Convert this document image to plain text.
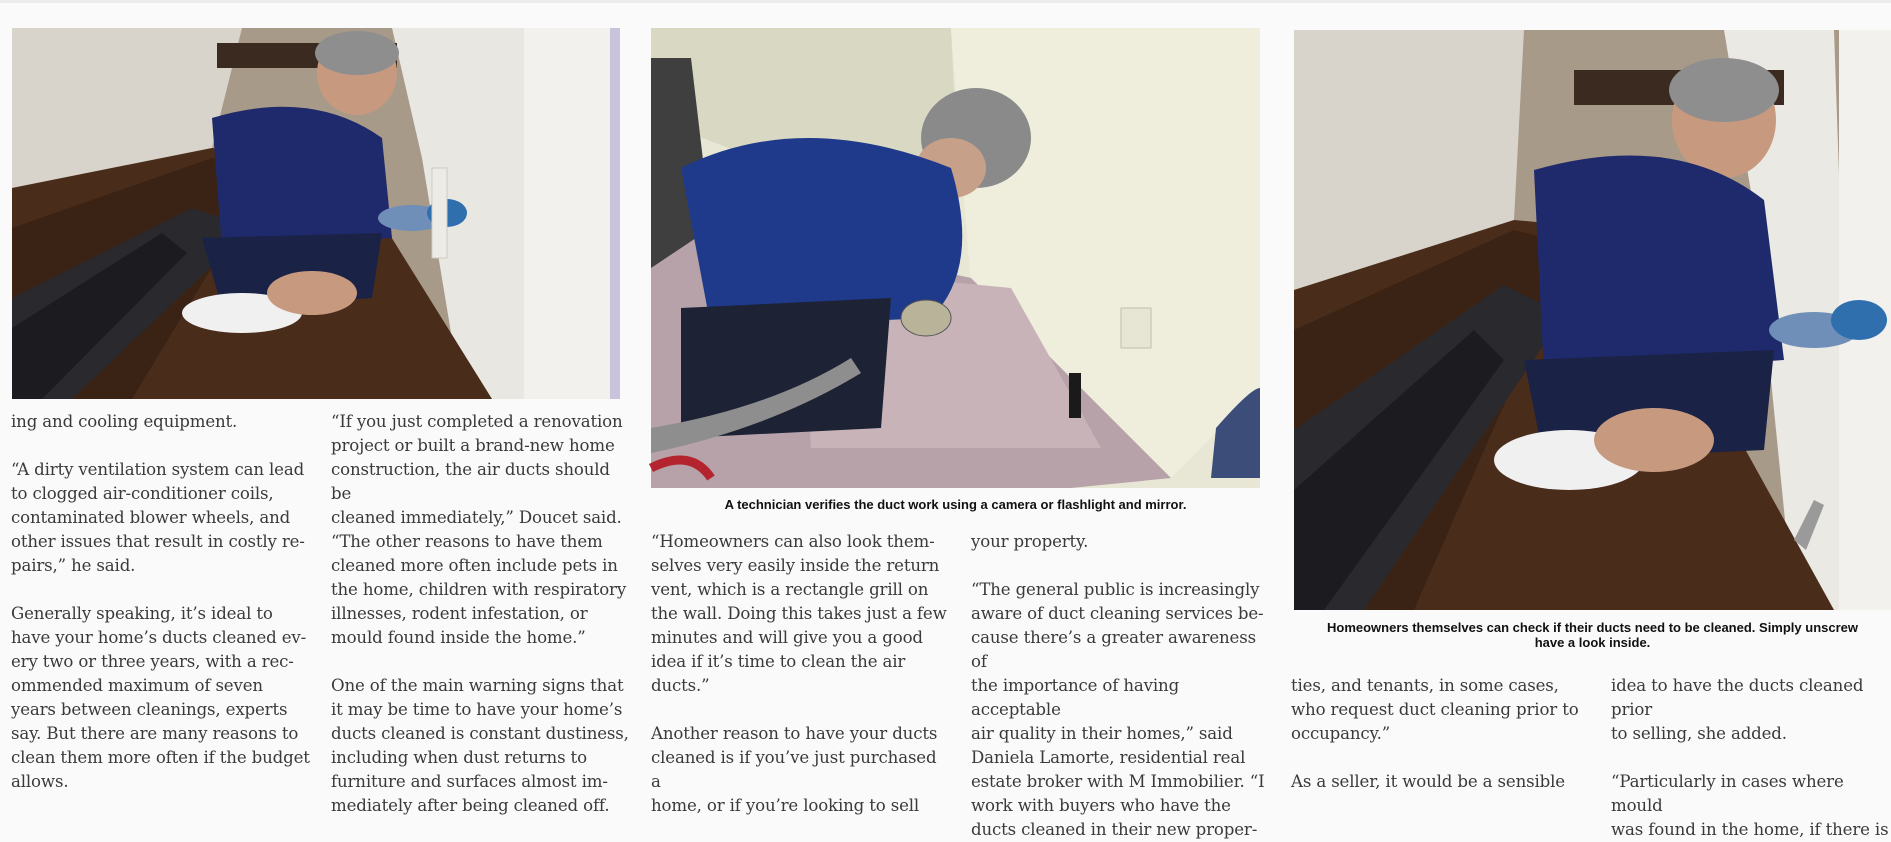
A technician verifies the duct work using a camera or flashlight and mirror.
Homeowners themselves can check if their ducts need to be cleaned. Simply unscrew
have a look inside.
ing and cooling equipment.

“A dirty ventilation system can lead
to clogged air-conditioner coils,
contaminated blower wheels, and
other issues that result in costly re-
pairs,” he said.

Generally speaking, it’s ideal to
have your home’s ducts cleaned ev-
ery two or three years, with a rec-
ommended maximum of seven
years between cleanings, experts
say. But there are many reasons to
clean them more often if the budget
allows.
“If you just completed a renovation
project or built a brand-new home
construction, the air ducts should be
cleaned immediately,” Doucet said.
“The other reasons to have them
cleaned more often include pets in
the home, children with respiratory
illnesses, rodent infestation, or
mould found inside the home.”

One of the main warning signs that
it may be time to have your home’s
ducts cleaned is constant dustiness,
including when dust returns to
furniture and surfaces almost im-
mediately after being cleaned off.
“Homeowners can also look them-
selves very easily inside the return
vent, which is a rectangle grill on
the wall. Doing this takes just a few
minutes and will give you a good
idea if it’s time to clean the air
ducts.”

Another reason to have your ducts
cleaned is if you’ve just purchased a
home, or if you’re looking to sell
your property.

“The general public is increasingly
aware of duct cleaning services be-
cause there’s a greater awareness of
the importance of having acceptable
air quality in their homes,” said
Daniela Lamorte, residential real
estate broker with M Immobilier. “I
work with buyers who have the
ducts cleaned in their new proper-
ties, and tenants, in some cases,
who request duct cleaning prior to
occupancy.”

As a seller, it would be a sensible
idea to have the ducts cleaned prior
to selling, she added.

“Particularly in cases where mould
was found in the home, if there is
